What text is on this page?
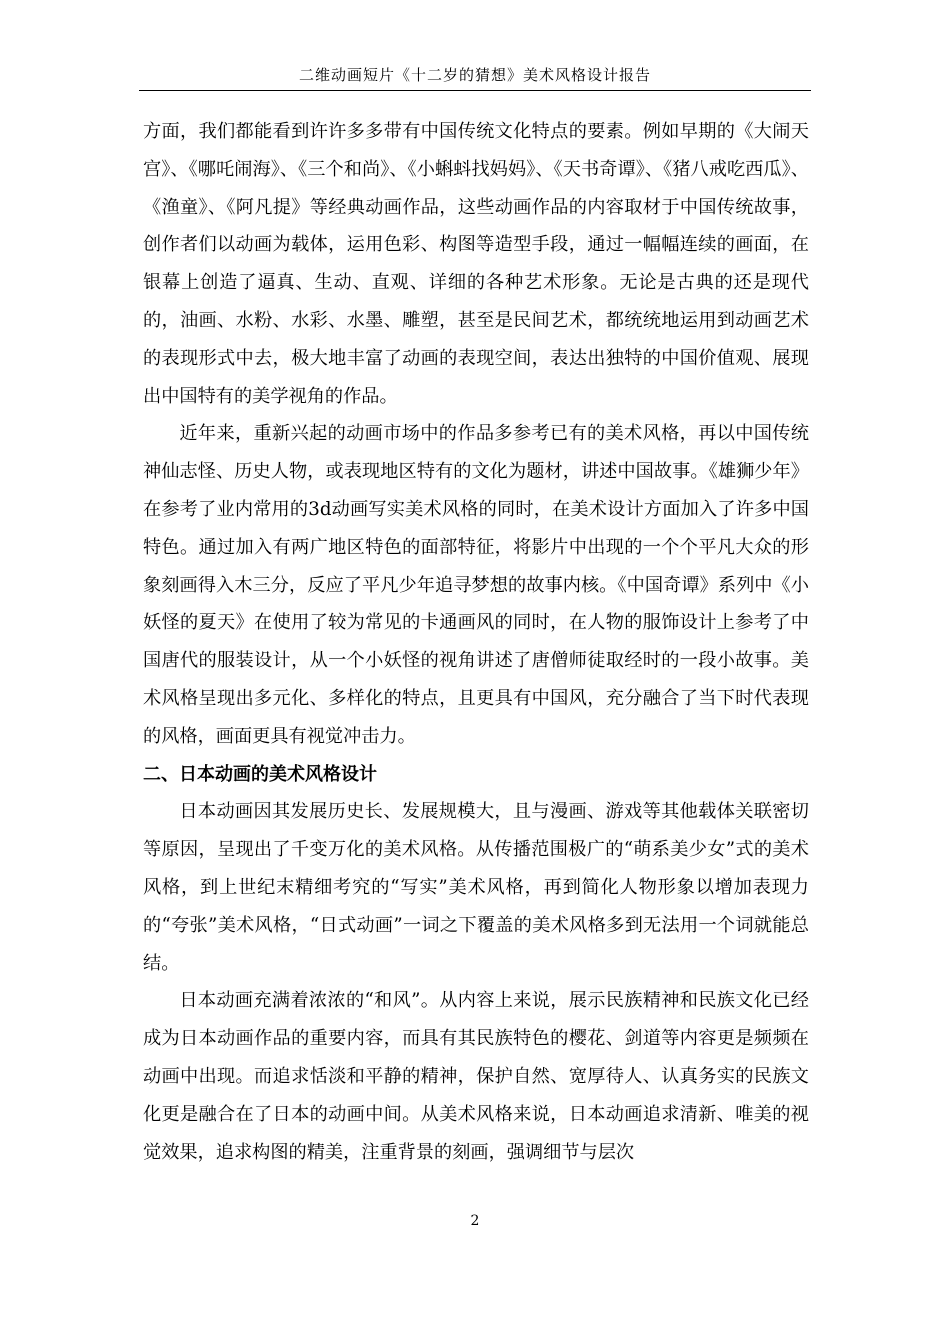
二维动画短片《十二岁的猜想》美术风格设计报告

方面，我们都能看到许许多多带有中国传统文化特点的要素。例如早期的《大闹天宫》、《哪吒闹海》、《三个和尚》、《小蝌蚪找妈妈》、《天书奇谭》、《猪八戒吃西瓜》、《渔童》、《阿凡提》等经典动画作品，这些动画作品的内容取材于中国传统故事，创作者们以动画为载体，运用色彩、构图等造型手段，通过一幅幅连续的画面，在银幕上创造了逼真、生动、直观、详细的各种艺术形象。无论是古典的还是现代的，油画、水粉、水彩、水墨、雕塑，甚至是民间艺术，都统统地运用到动画艺术的表现形式中去，极大地丰富了动画的表现空间，表达出独特的中国价值观、展现出中国特有的美学视角的作品。

近年来，重新兴起的动画市场中的作品多参考已有的美术风格，再以中国传统神仙志怪、历史人物，或表现地区特有的文化为题材，讲述中国故事。《雄狮少年》在参考了业内常用的3d动画写实美术风格的同时，在美术设计方面加入了许多中国特色。通过加入有两广地区特色的面部特征，将影片中出现的一个个平凡大众的形象刻画得入木三分，反应了平凡少年追寻梦想的故事内核。《中国奇谭》系列中《小妖怪的夏天》在使用了较为常见的卡通画风的同时，在人物的服饰设计上参考了中国唐代的服装设计，从一个小妖怪的视角讲述了唐僧师徒取经时的一段小故事。美术风格呈现出多元化、多样化的特点，且更具有中国风，充分融合了当下时代表现的风格，画面更具有视觉冲击力。

二、日本动画的美术风格设计

日本动画因其发展历史长、发展规模大，且与漫画、游戏等其他载体关联密切等原因，呈现出了千变万化的美术风格。从传播范围极广的“萌系美少女”式的美术风格，到上世纪末精细考究的“写实”美术风格，再到简化人物形象以增加表现力的“夸张”美术风格，“日式动画”一词之下覆盖的美术风格多到无法用一个词就能总结。

日本动画充满着浓浓的“和风”。从内容上来说，展示民族精神和民族文化已经成为日本动画作品的重要内容，而具有其民族特色的樱花、剑道等内容更是频频在动画中出现。而追求恬淡和平静的精神，保护自然、宽厚待人、认真务实的民族文化更是融合在了日本的动画中间。从美术风格来说，日本动画追求清新、唯美的视觉效果，追求构图的精美，注重背景的刻画，强调细节与层次

2
